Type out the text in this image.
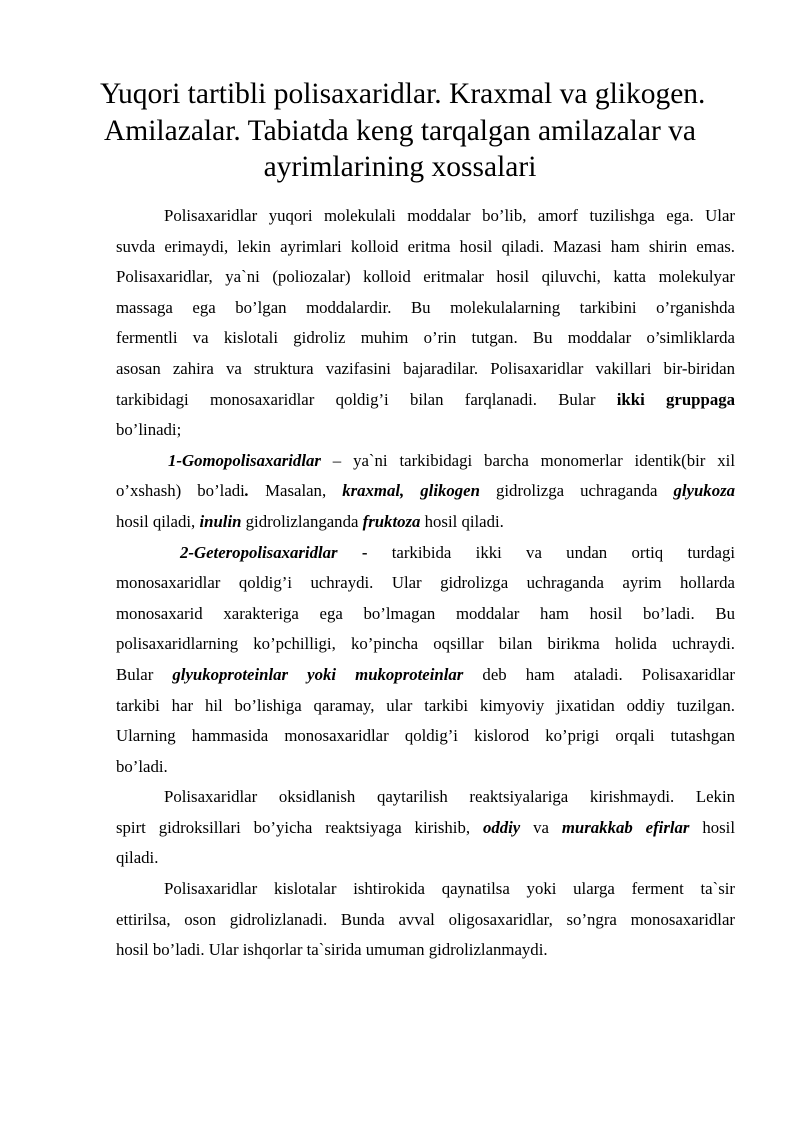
Yuqori tartibli polisaxaridlar. Kraxmal va glikogen.
Amilazalar. Tabiatda keng tarqalgan amilazalar va
ayrimlarining xossalari
Polisaxaridlar yuqori molekulali moddalar bo’lib, amorf tuzilishga ega. Ular
suvda erimaydi, lekin ayrimlari kolloid eritma hosil qiladi. Mazasi ham shirin emas.
Polisaxaridlar, ya`ni (poliozalar) kolloid eritmalar hosil qiluvchi, katta molekulyar
massaga ega bo’lgan moddalardir. Bu molekulalarning tarkibini o’rganishda
fermentli va kislotali gidroliz muhim o’rin tutgan. Bu moddalar o’simliklarda
asosan zahira va struktura vazifasini bajaradilar. Polisaxaridlar vakillari bir-biridan
tarkibidagi monosaxaridlar qoldig’i bilan farqlanadi. Bular ikki gruppaga
bo’linadi;
1-Gomopolisaxaridlar – ya`ni tarkibidagi barcha monomerlar identik(bir xil
o’xshash) bo’ladi. Masalan, kraxmal, glikogen gidrolizga uchraganda glyukoza
hosil qiladi, inulin gidrolizlanganda fruktoza hosil qiladi.
2-Geteropolisaxaridlar - tarkibida ikki va undan ortiq turdagi
monosaxaridlar qoldig’i uchraydi. Ular gidrolizga uchraganda ayrim hollarda
monosaxarid xarakteriga ega bo’lmagan moddalar ham hosil bo’ladi. Bu
polisaxaridlarning ko’pchilligi, ko’pincha oqsillar bilan birikma holida uchraydi.
Bular glyukoproteinlar yoki mukoproteinlar deb ham ataladi. Polisaxaridlar
tarkibi har hil bo’lishiga qaramay, ular tarkibi kimyoviy jixatidan oddiy tuzilgan.
Ularning hammasida monosaxaridlar qoldig’i kislorod ko’prigi orqali tutashgan
bo’ladi.
Polisaxaridlar oksidlanish qaytarilish reaktsiyalariga kirishmaydi. Lekin
spirt gidroksillari bo’yicha reaktsiyaga kirishib, oddiy va murakkab efirlar hosil
qiladi.
Polisaxaridlar kislotalar ishtirokida qaynatilsa yoki ularga ferment ta`sir
ettirilsa, oson gidrolizlanadi. Bunda avval oligosaxaridlar, so’ngra monosaxaridlar
hosil bo’ladi. Ular ishqorlar ta`sirida umuman gidrolizlanmaydi.
